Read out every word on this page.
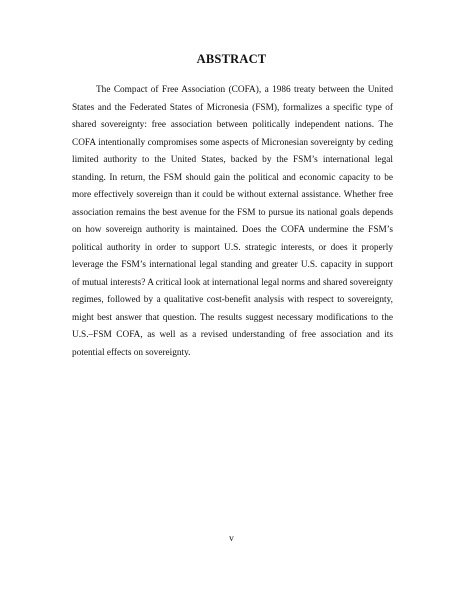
ABSTRACT

The Compact of Free Association (COFA), a 1986 treaty between the United States and the Federated States of Micronesia (FSM), formalizes a specific type of shared sovereignty: free association between politically independent nations. The COFA intentionally compromises some aspects of Micronesian sovereignty by ceding limited authority to the United States, backed by the FSM’s international legal standing. In return, the FSM should gain the political and economic capacity to be more effectively sovereign than it could be without external assistance. Whether free association remains the best avenue for the FSM to pursue its national goals depends on how sovereign authority is maintained. Does the COFA undermine the FSM’s political authority in order to support U.S. strategic interests, or does it properly leverage the FSM’s international legal standing and greater U.S. capacity in support of mutual interests? A critical look at international legal norms and shared sovereignty regimes, followed by a qualitative cost-benefit analysis with respect to sovereignty, might best answer that question. The results suggest necessary modifications to the U.S.–FSM COFA, as well as a revised understanding of free association and its potential effects on sovereignty.

v
